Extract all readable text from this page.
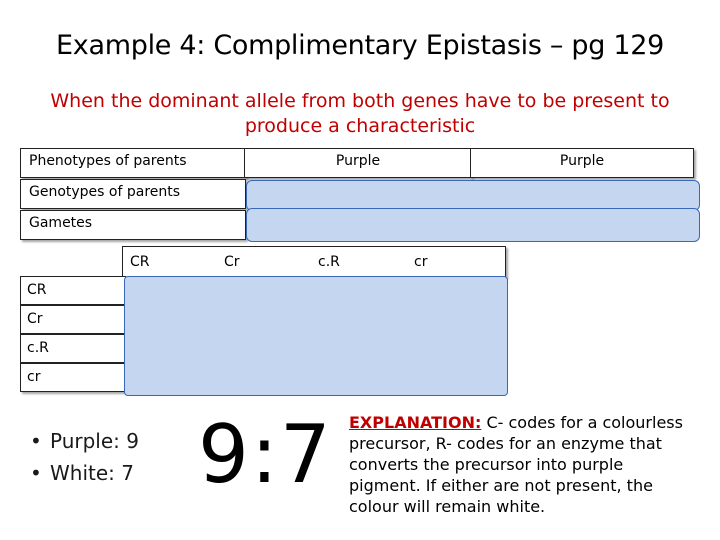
Example 4: Complimentary Epistasis – pg 129
When the dominant allele from both genes have to be present to produce a characteristic
Phenotypes of parents	Purple	Purple
Genotypes of parents
Gametes
CR	Cr	c.R	cr
CR
Cr
c.R
cr
• Purple: 9
• White: 7 9:7 EXPLANATION: C- codes for a colourless precursor, R- codes for an enzyme that converts the precursor into purple pigment. If either are not present, the colour will remain white.
